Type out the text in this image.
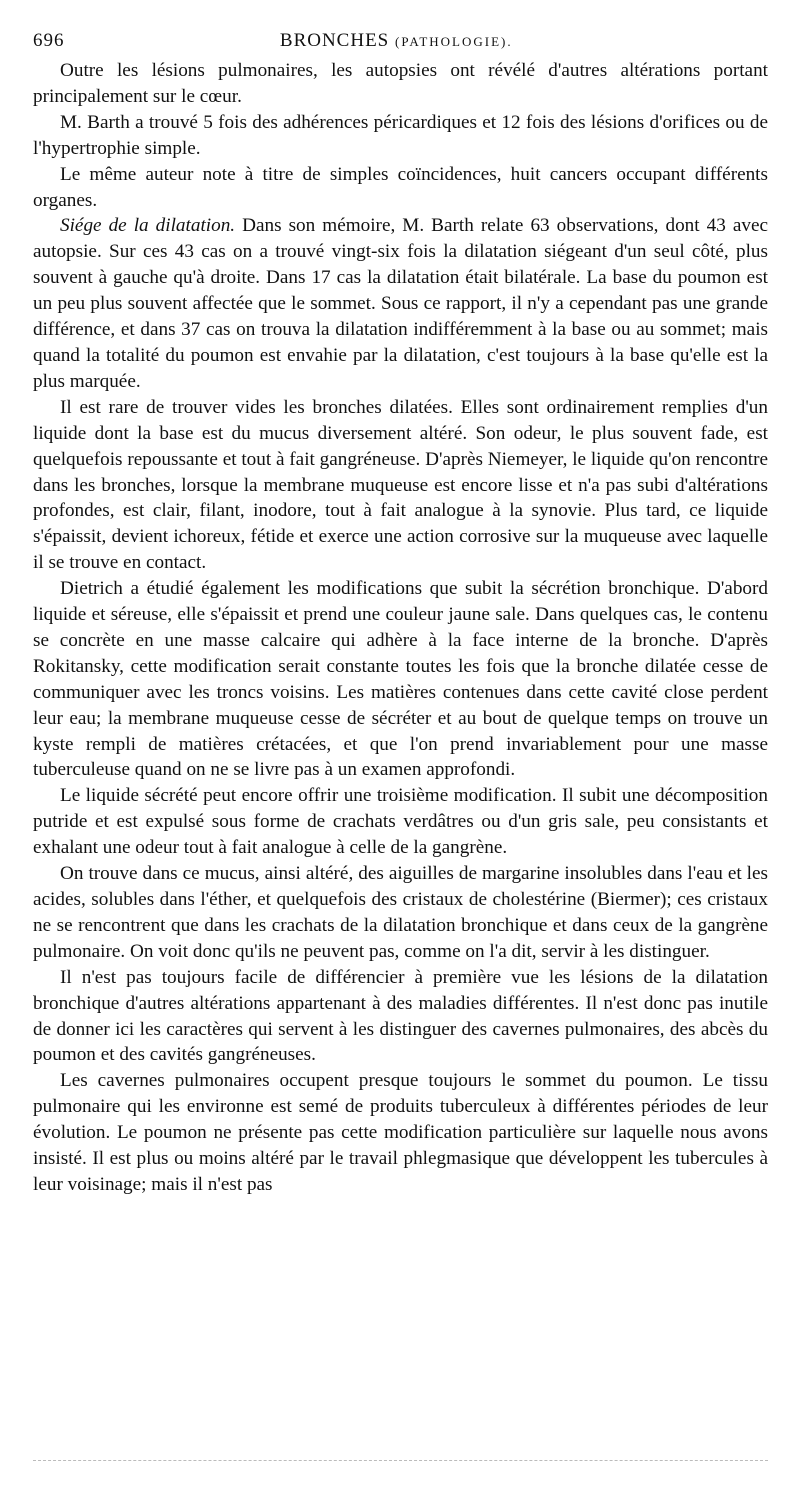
696	BRONCHES (PATHOLOGIE).

Outre les lésions pulmonaires, les autopsies ont révélé d'autres altérations portant principalement sur le cœur.

M. Barth a trouvé 5 fois des adhérences péricardiques et 12 fois des lésions d'orifices ou de l'hypertrophie simple.

Le même auteur note à titre de simples coïncidences, huit cancers occupant différents organes.

Siége de la dilatation. Dans son mémoire, M. Barth relate 63 observations, dont 43 avec autopsie. Sur ces 43 cas on a trouvé vingt-six fois la dilatation siégeant d'un seul côté, plus souvent à gauche qu'à droite. Dans 17 cas la dilatation était bilatérale. La base du poumon est un peu plus souvent affectée que le sommet. Sous ce rapport, il n'y a cependant pas une grande différence, et dans 37 cas on trouva la dilatation indifféremment à la base ou au sommet; mais quand la totalité du poumon est envahie par la dilatation, c'est toujours à la base qu'elle est la plus marquée.

Il est rare de trouver vides les bronches dilatées. Elles sont ordinairement remplies d'un liquide dont la base est du mucus diversement altéré. Son odeur, le plus souvent fade, est quelquefois repoussante et tout à fait gangréneuse. D'après Niemeyer, le liquide qu'on rencontre dans les bronches, lorsque la membrane muqueuse est encore lisse et n'a pas subi d'altérations profondes, est clair, filant, inodore, tout à fait analogue à la synovie. Plus tard, ce liquide s'épaissit, devient ichoreux, fétide et exerce une action corrosive sur la muqueuse avec laquelle il se trouve en contact.

Dietrich a étudié également les modifications que subit la sécrétion bronchique. D'abord liquide et séreuse, elle s'épaissit et prend une couleur jaune sale. Dans quelques cas, le contenu se concrète en une masse calcaire qui adhère à la face interne de la bronche. D'après Rokitansky, cette modification serait constante toutes les fois que la bronche dilatée cesse de communiquer avec les troncs voisins. Les matières contenues dans cette cavité close perdent leur eau; la membrane muqueuse cesse de sécréter et au bout de quelque temps on trouve un kyste rempli de matières crétacées, et que l'on prend invariablement pour une masse tuberculeuse quand on ne se livre pas à un examen approfondi.

Le liquide sécrété peut encore offrir une troisième modification. Il subit une décomposition putride et est expulsé sous forme de crachats verdâtres ou d'un gris sale, peu consistants et exhalant une odeur tout à fait analogue à celle de la gangrène.

On trouve dans ce mucus, ainsi altéré, des aiguilles de margarine insolubles dans l'eau et les acides, solubles dans l'éther, et quelquefois des cristaux de cholestérine (Biermer); ces cristaux ne se rencontrent que dans les crachats de la dilatation bronchique et dans ceux de la gangrène pulmonaire. On voit donc qu'ils ne peuvent pas, comme on l'a dit, servir à les distinguer.

Il n'est pas toujours facile de différencier à première vue les lésions de la dilatation bronchique d'autres altérations appartenant à des maladies différentes. Il n'est donc pas inutile de donner ici les caractères qui servent à les distinguer des cavernes pulmonaires, des abcès du poumon et des cavités gangréneuses.

Les cavernes pulmonaires occupent presque toujours le sommet du poumon. Le tissu pulmonaire qui les environne est semé de produits tuberculeux à différentes périodes de leur évolution. Le poumon ne présente pas cette modification particulière sur laquelle nous avons insisté. Il est plus ou moins altéré par le travail phlegmasique que développent les tubercules à leur voisinage; mais il n'est pas
